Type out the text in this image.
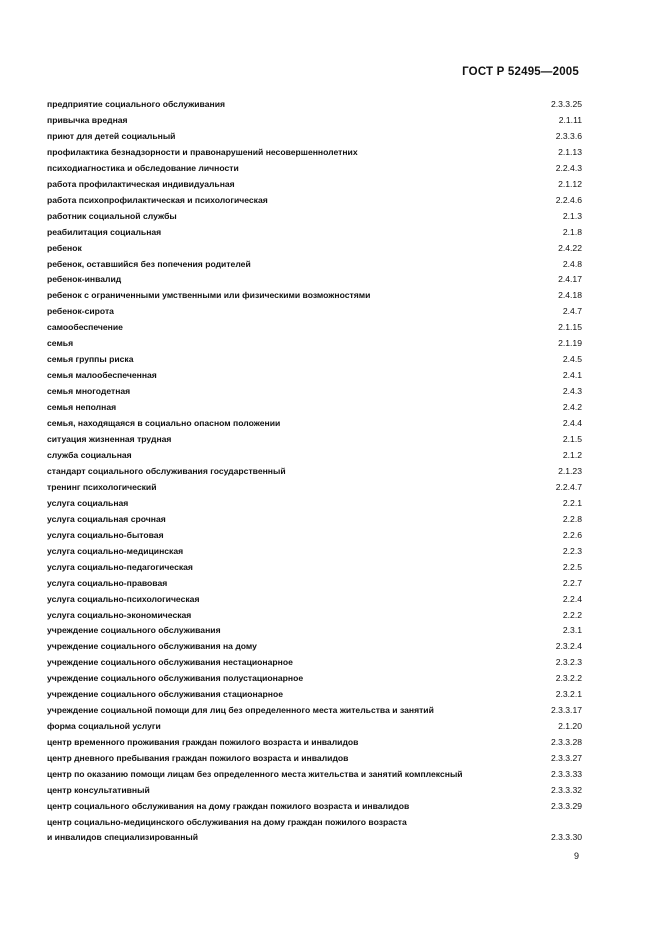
ГОСТ Р 52495—2005
предприятие социального обслуживания	2.3.3.25
привычка вредная	2.1.11
приют для детей социальный	2.3.3.6
профилактика безнадзорности и правонарушений несовершеннолетних	2.1.13
психодиагностика и обследование личности	2.2.4.3
работа профилактическая индивидуальная	2.1.12
работа психопрофилактическая и психологическая	2.2.4.6
работник социальной службы	2.1.3
реабилитация социальная	2.1.8
ребенок	2.4.22
ребенок, оставшийся без попечения родителей	2.4.8
ребенок-инвалид	2.4.17
ребенок с ограниченными умственными или физическими возможностями	2.4.18
ребенок-сирота	2.4.7
самообеспечение	2.1.15
семья	2.1.19
семья группы риска	2.4.5
семья малообеспеченная	2.4.1
семья многодетная	2.4.3
семья неполная	2.4.2
семья, находящаяся в социально опасном положении	2.4.4
ситуация жизненная трудная	2.1.5
служба социальная	2.1.2
стандарт социального обслуживания государственный	2.1.23
тренинг психологический	2.2.4.7
услуга социальная	2.2.1
услуга социальная срочная	2.2.8
услуга социально-бытовая	2.2.6
услуга социально-медицинская	2.2.3
услуга социально-педагогическая	2.2.5
услуга социально-правовая	2.2.7
услуга социально-психологическая	2.2.4
услуга социально-экономическая	2.2.2
учреждение социального обслуживания	2.3.1
учреждение социального обслуживания на дому	2.3.2.4
учреждение социального обслуживания нестационарное	2.3.2.3
учреждение социального обслуживания полустационарное	2.3.2.2
учреждение социального обслуживания стационарное	2.3.2.1
учреждение социальной помощи для лиц без определенного места жительства и занятий	2.3.3.17
форма социальной услуги	2.1.20
центр временного проживания граждан пожилого возраста и инвалидов	2.3.3.28
центр дневного пребывания граждан пожилого возраста и инвалидов	2.3.3.27
центр по оказанию помощи лицам без определенного места жительства и занятий комплексный	2.3.3.33
центр консультативный	2.3.3.32
центр социального обслуживания на дому граждан пожилого возраста и инвалидов	2.3.3.29
центр социально-медицинского обслуживания на дому граждан пожилого возраста
и инвалидов специализированный	2.3.3.30
9
